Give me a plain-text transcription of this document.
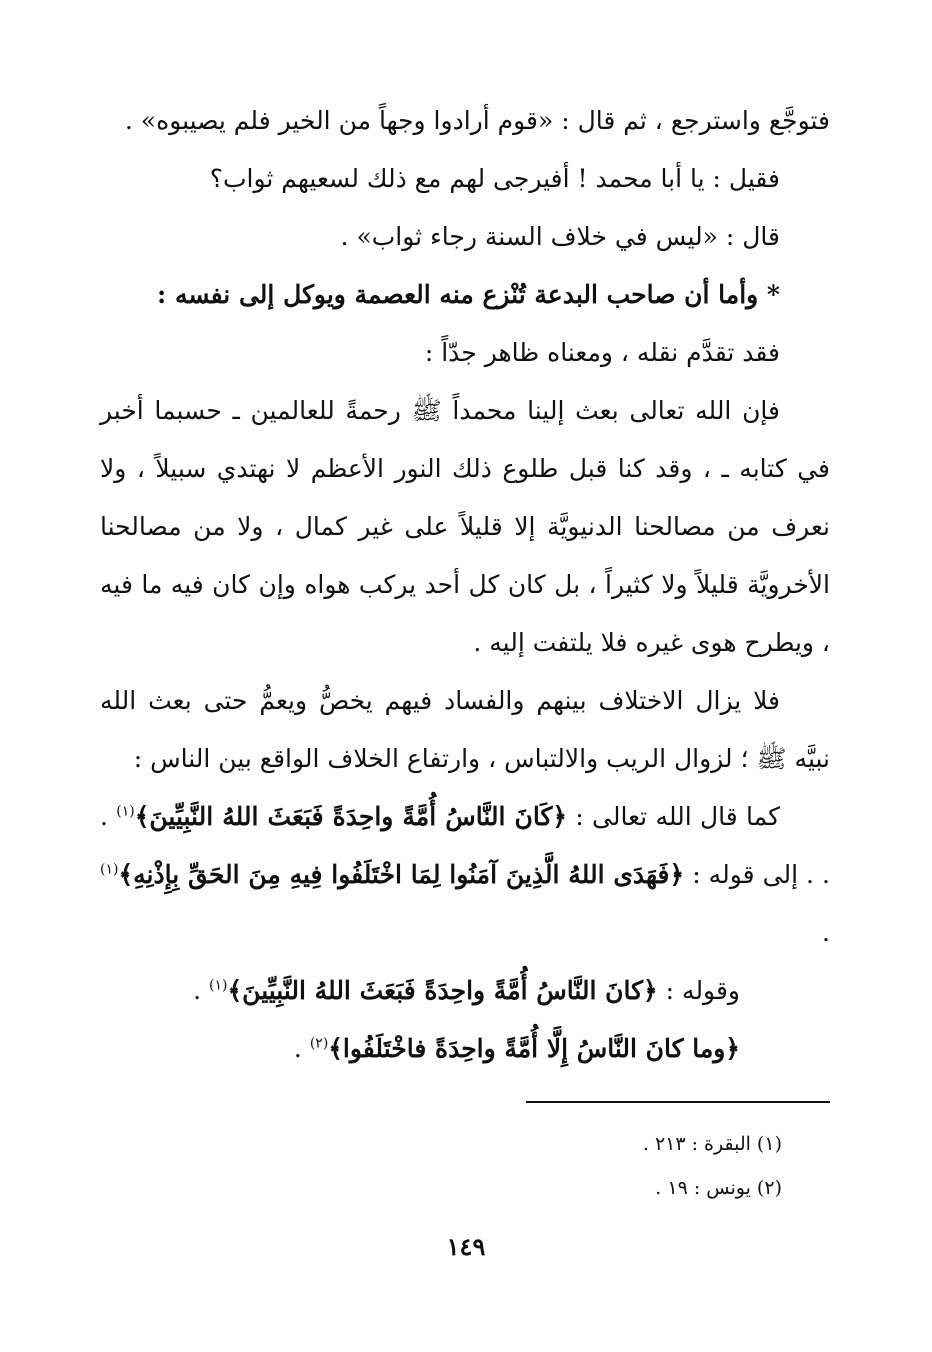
فتوجَّع واسترجع ، ثم قال : «قوم أرادوا وجهاً من الخير فلم يصيبوه» .

فقيل : يا أبا محمد ! أفيرجى لهم مع ذلك لسعيهم ثواب؟

قال : «ليس في خلاف السنة رجاء ثواب» .

* وأما أن صاحب البدعة تُنْزع منه العصمة ويوكل إلى نفسه :

فقد تقدَّم نقله ، ومعناه ظاهر جدّاً :

فإن الله تعالى بعث إلينا محمداً ﷺ رحمةً للعالمين ـ حسبما أخبر في كتابه ـ ، وقد كنا قبل طلوع ذلك النور الأعظم لا نهتدي سبيلاً ، ولا نعرف من مصالحنا الدنيويَّة إلا قليلاً على غير كمال ، ولا من مصالحنا الأخرويَّة قليلاً ولا كثيراً ، بل كان كل أحد يركب هواه وإن كان فيه ما فيه ، ويطرح هوى غيره فلا يلتفت إليه .

فلا يزال الاختلاف بينهم والفساد فيهم يخصُّ ويعمُّ حتى بعث الله نبيَّه ﷺ ؛ لزوال الريب والالتباس ، وارتفاع الخلاف الواقع بين الناس :

كما قال الله تعالى : ﴿كَانَ النَّاسُ أُمَّةً واحِدَةً فَبَعَثَ اللهُ النَّبِيِّينَ﴾$^{(١)}$ . . . إلى قوله : ﴿فَهَدَى اللهُ الَّذِينَ آمَنُوا لِمَا اخْتَلَفُوا فِيهِ مِنَ الحَقِّ بِإِذْنِهِ﴾$^{(١)}$ .

وقوله : ﴿كانَ النَّاسُ أُمَّةً واحِدَةً فَبَعَثَ اللهُ النَّبِيِّينَ﴾$^{(١)}$ .

﴿وما كانَ النَّاسُ إِلَّا أُمَّةً واحِدَةً فاخْتَلَفُوا﴾$^{(٢)}$ .

(١) البقرة : ٢١٣ .

(٢) يونس : ١٩ .

١٤٩
